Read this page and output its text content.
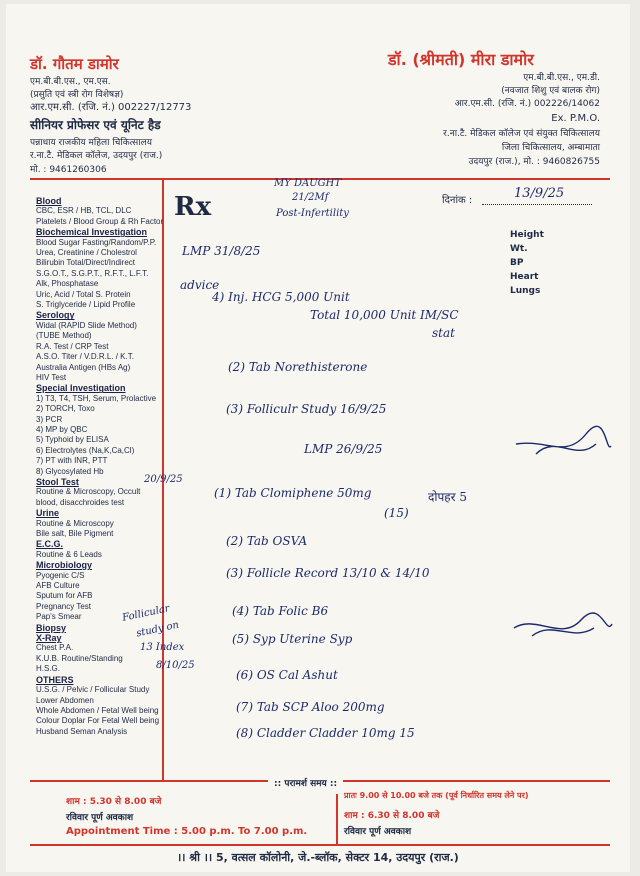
डॉ. गौतम डामोर
एम.बी.बी.एस., एम.एस.
(प्रसुति एवं स्त्री रोग विशेषज्ञ)
आर.एम.सी. (रजि. नं.) 002227/12773
सीनियर प्रोफेसर एवं यूनिट हैड
पन्नाधाय राजकीय महिला चिकित्सालय
र.ना.टै. मेडिकल कॉलेज, उदयपुर (राज.)
मो. : 9461260306
डॉ. (श्रीमती) मीरा डामोर
एम.बी.बी.एस., एम.डी.
(नवजात शिशु एवं बालक रोग)
आर.एम.सी. (रजि. नं.) 002226/14062
Ex. P.M.O.
र.ना.टै. मेडिकल कॉलेज एवं संयुक्त चिकित्सालय
जिला चिकित्सालय, अम्बामाता
उदयपुर (राज.), मो. : 9460826755
Rx	दिनांक :	13/9/25
Height
Wt.
BP
Heart
Lungs
Blood
CBC, ESR / HB, TCL, DLC
Platelets / Blood Group & Rh Factor
Biochemical Investigation
Blood Sugar Fasting/Random/P.P.
Urea, Creatinine / Cholestrol
Bilirubin Total/Direct/Indirect
S.G.O.T., S.G.P.T., R.F.T., L.F.T.
Alk, Phosphatase
Uric, Acid / Total S. Protein
S. Triglyceride / Lipid Profile
Serology
Widal (RAPID Slide Method)
(TUBE Method)
R.A. Test / CRP Test
A.S.O. Titer / V.D.R.L. / K.T.
Australia Antigen (HBs Ag)
HIV Test
Special Investigation
1) T3, T4, TSH, Serum, Prolactive
2) TORCH, Toxo
3) PCR
4) MP by QBC
5) Typhoid by ELISA
6) Electrolytes (Na,K,Ca,Cl)
7) PT with INR, PTT
8) Glycosylated Hb
Stool Test
Routine & Microscopy, Occult
blood, disacchroides test
Urine
Routine & Microscopy
Bile salt, Bile Pigment
E.C.G.
Routine & 6 Leads
Microbiology
Pyogenic C/S
AFB Culture
Sputum for AFB
Pregnancy Test
Pap's Smear
Biopsy
X-Ray
Chest P.A.
K.U.B. Routine/Standing
H.S.G.
OTHERS
U.S.G. / Pelvic / Follicular Study
Lower Abdomen
Whole Abdomen / Fetal Well being
Colour Doplar For Fetal Well being
Husband Seman Analysis
MY DAUGHT
21/2Mf
Post-Infertility
LMP 31/8/25
advice
4) Inj. HCG 5,000 Unit
Total 10,000 Unit IM/SC
stat
(2) Tab Norethisterone
(3) Folliculr Study 16/9/25
LMP 26/9/25
20/9/25
(1) Tab Clomiphene 50mg	दोपहर 5
(15)
(2) Tab OSVA
(3) Follicle Record 13/10 & 14/10
(4) Tab Folic B6
(5) Syp Uterine Syp
(6) OS Cal Ashut
(7) Tab SCP Aloo 200mg
(8) Cladder Cladder 10mg 15
Follicular
study on
13 Index
8/10/25
:: परामर्श समय ::
शाम : 5.30 से 8.00 बजे
रविवार पूर्ण अवकाश
Appointment Time : 5.00 p.m. To 7.00 p.m.
प्रातः 9.00 से 10.00 बजे तक (पूर्व निर्धारित समय लेने पर)
शाम : 6.30 से 8.00 बजे
रविवार पूर्ण अवकाश
।। श्री ।। 5, वत्सल कॉलोनी, जे.-ब्लॉक, सेक्टर 14, उदयपुर (राज.)
